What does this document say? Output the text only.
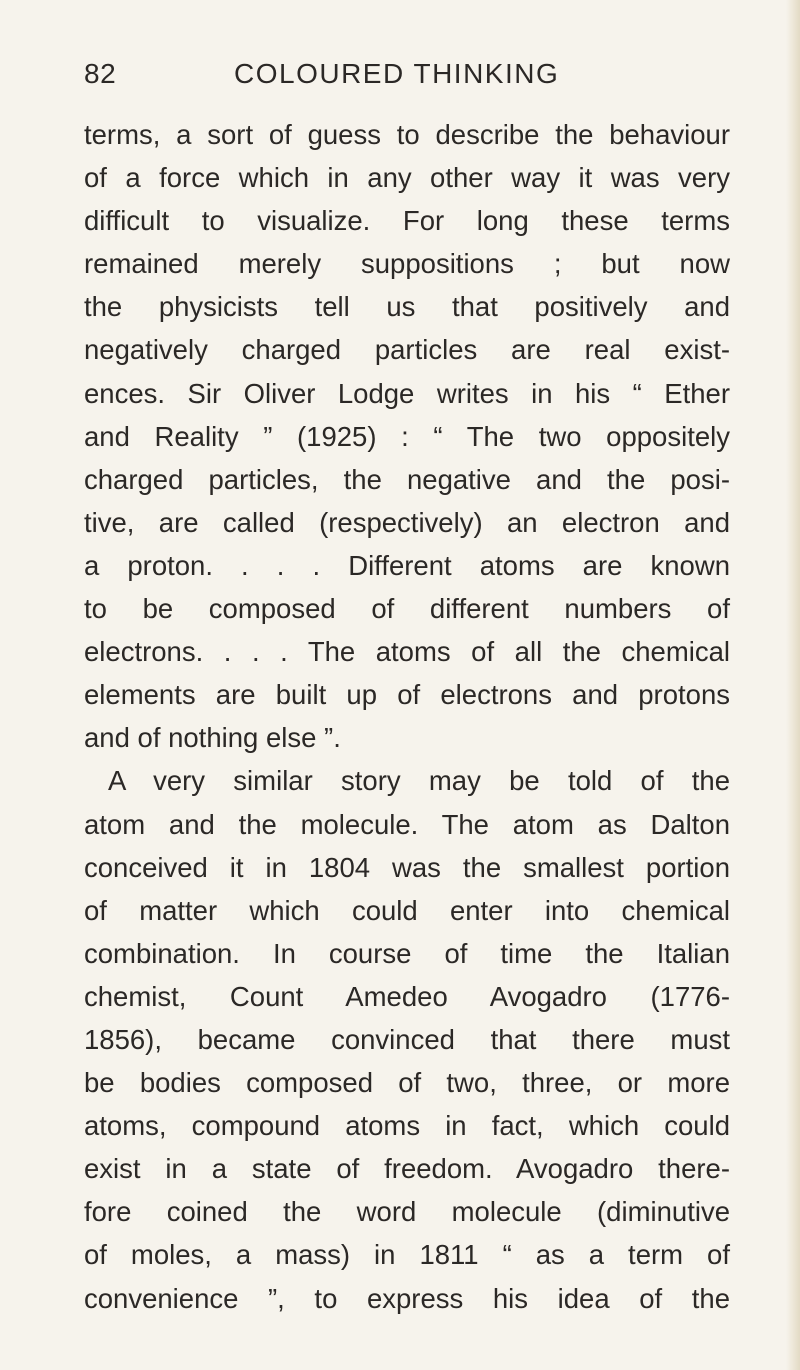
82	COLOURED THINKING
terms, a sort of guess to describe the behaviour
of a force which in any other way it was very
difficult to visualize. For long these terms
remained merely suppositions ; but now
the physicists tell us that positively and
negatively charged particles are real exist-
ences. Sir Oliver Lodge writes in his “ Ether
and Reality ” (1925) : “ The two oppositely
charged particles, the negative and the posi-
tive, are called (respectively) an electron and
a proton. . . . Different atoms are known
to be composed of different numbers of
electrons. . . . The atoms of all the chemical
elements are built up of electrons and protons
and of nothing else ”.
A very similar story may be told of the
atom and the molecule. The atom as Dalton
conceived it in 1804 was the smallest portion
of matter which could enter into chemical
combination. In course of time the Italian
chemist, Count Amedeo Avogadro (1776-
1856), became convinced that there must
be bodies composed of two, three, or more
atoms, compound atoms in fact, which could
exist in a state of freedom. Avogadro there-
fore coined the word molecule (diminutive
of moles, a mass) in 1811 “ as a term of
convenience ”, to express his idea of the
